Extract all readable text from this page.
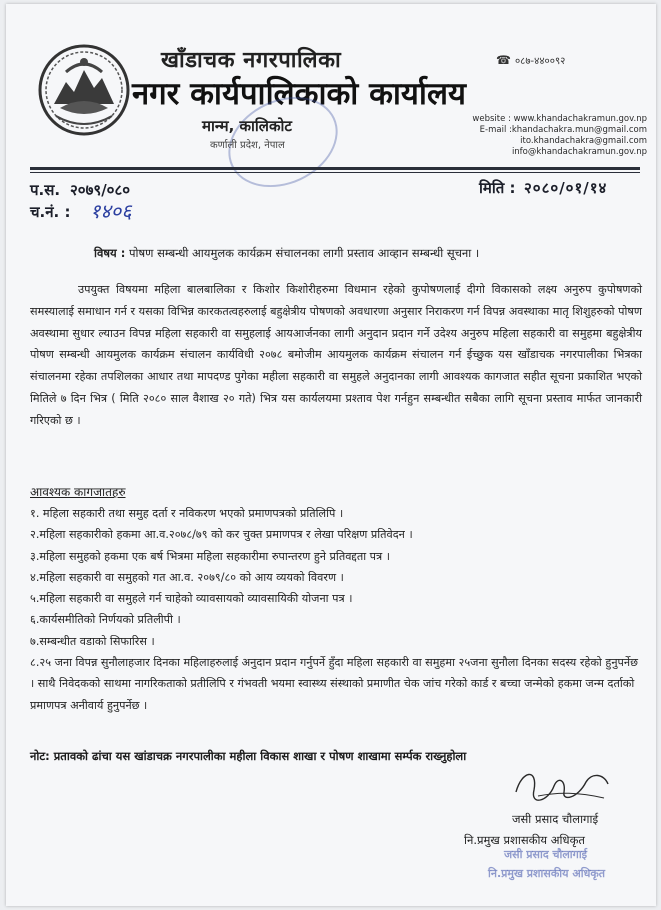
☎ ०८७-४४००९२
खाँडाचक नगरपालिका
नगर कार्यपालिकाको कार्यालय
मान्म, कालिकोट
कर्णाली प्रदेश, नेपाल
website : www.khandachakramun.gov.np
E-mail :khandachakra.mun@gmail.com
ito.khandachakra@gmail.com
info@khandachakramun.gov.np
प.स. २०७९/०८०	मिति : २०८०/०१/१४
च.नं. : १४०६
विषय : पोषण सम्बन्धी आयमुलक कार्यक्रम संचालनका लागी प्रस्ताव आव्हान सम्बन्धी सूचना ।
उपयुक्त विषयमा महिला बालबालिका र किशोर किशोरीहरुमा विधमान रहेको कुपोषणलाई दीगो विकासको लक्ष्य अनुरुप कुपोषणको समस्यालाई समाधान गर्न र यसका विभिन्न कारकतत्वहरुलाई बहुक्षेत्रीय पोषणको अवधारणा अनुसार निराकरण गर्न विपन्न अवस्थाका मातृ शिशुहरुको पोषण अवस्थामा सुधार ल्याउन विपन्न महिला सहकारी वा समुहलाई आयआर्जनका लागी अनुदान प्रदान गर्ने उदेश्य अनुरुप महिला सहकारी वा समुहमा बहुक्षेत्रीय पोषण सम्बन्धी आयमुलक कार्यक्रम संचालन कार्यविधी २०७८ बमोजीम आयमुलक कार्यक्रम संचालन गर्न ईच्छुक यस खाँडाचक नगरपालीका भित्रका संचालनमा रहेका तपशिलका आधार तथा मापदण्ड पुगेका महीला सहकारी वा समुहले अनुदानका लागी आवश्यक कागजात सहीत सूचना प्रकाशित भएको मितिले ७ दिन भित्र ( मिति २०८० साल वैशाख २० गते) भित्र यस कार्यलयमा प्रश्ताव पेश गर्नहुन सम्बन्धीत सबैका लागि सूचना प्रस्ताव मार्फत जानकारी गरिएको छ ।
आवश्यक कागजातहरु
१. महिला सहकारी तथा समुह दर्ता र नविकरण भएको प्रमाणपत्रको प्रतिलिपि ।
२.महिला सहकारीको हकमा आ.व.२०७८/७९ को कर चुक्त प्रमाणपत्र र लेखा परिक्षण प्रतिवेदन ।
३.महिला समुहको हकमा एक बर्ष भित्रमा महिला सहकारीमा रुपान्तरण हुने प्रतिवद्दता पत्र ।
४.महिला सहकारी वा समुहको गत आ.व. २०७९/८० को आय व्ययको विवरण ।
५.महिला सहकारी वा समुहले गर्न चाहेको व्यावसायको व्यावसायिकी योजना पत्र ।
६.कार्यसमीतिको निर्णयको प्रतिलीपी ।
७.सम्बन्धीत वडाको सिफारिस ।
८.२५ जना विपन्न सुनौलाहजार दिनका महिलाहरुलाई अनुदान प्रदान गर्नुपर्ने हुँदा महिला सहकारी वा समुहमा २५जना सुनौला दिनका सदस्य रहेको हुनुपर्नेछ । साथै निवेदकको साथमा नागरिकताको प्रतीलिपि र गंभवती भयमा स्वास्थ्य संस्थाको प्रमाणीत चेक जांच गरेको कार्ड र बच्चा जन्मेको हकमा जन्म दर्ताको प्रमाणपत्र अनीवार्य हुनुपर्नेछ ।
नोट: प्रतावको ढांचा यस खांडाचक्र नगरपालीका महीला विकास शाखा र पोषण शाखामा सर्म्पक राख्नुहोला
जसी प्रसाद चौलागाई
नि.प्रमुख प्रशासकीय अधिकृत
जसी प्रसाद चौलागाई
नि.प्रमुख प्रशासकीय अधिकृत
